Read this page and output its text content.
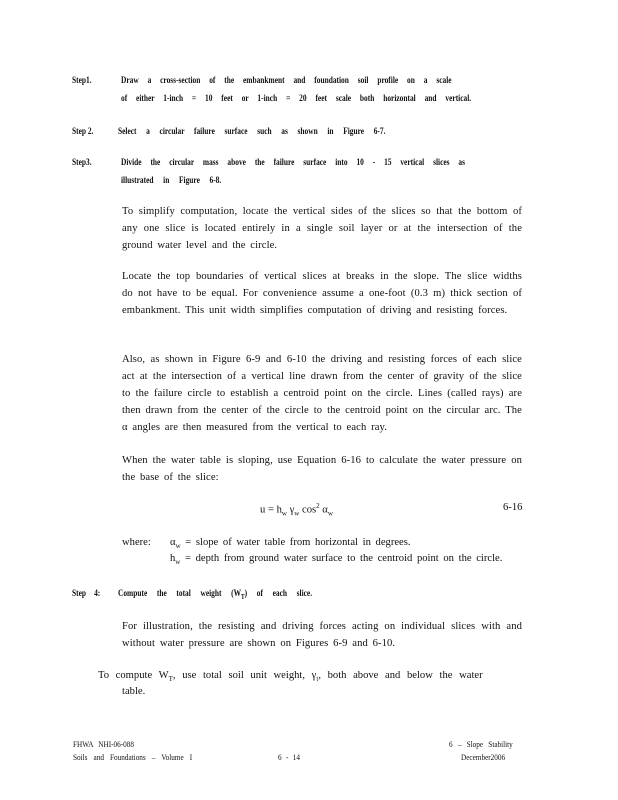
Step1.	Draw a cross-section of the embankment and foundation soil profile on a scale
of either 1-inch = 10 feet or 1-inch = 20 feet scale both horizontal and vertical.
Step 2.	Select a circular failure surface such as shown in Figure 6-7.
Step3.	Divide the circular mass above the failure surface into 10 - 15 vertical slices as
illustrated in Figure 6-8.
To simplify computation, locate the vertical sides of the slices so that the bottom of any one slice is located entirely in a single soil layer or at the intersection of the ground water level and the circle.
Locate the top boundaries of vertical slices at breaks in the slope. The slice widths do not have to be equal. For convenience assume a one-foot (0.3 m) thick section of embankment. This unit width simplifies computation of driving and resisting forces.
Also, as shown in Figure 6-9 and 6-10 the driving and resisting forces of each slice act at the intersection of a vertical line drawn from the center of gravity of the slice to the failure circle to establish a centroid point on the circle. Lines (called rays) are then drawn from the center of the circle to the centroid point on the circular arc. The α angles are then measured from the vertical to each ray.
When the water table is sloping, use Equation 6-16 to calculate the water pressure on the base of the slice:
$u = h_w$ $\gamma_w$ $\cos^2 \alpha_w$
6-16
where: $\alpha_w$ = slope of water table from horizontal in degrees.
$h_w$ = depth from ground water surface to the centroid point on the circle.
Step 4: Compute the total weight $(W_T)$ of each slice.
For illustration, the resisting and driving forces acting on individual slices with and without water pressure are shown on Figures 6-9 and 6-10.
To compute $W_T$, use total soil unit weight, $\gamma_t$, both above and below the water
table.
FHWA NHI-06-088
Soils and Foundations – Volume I	6 - 14
6 – Slope Stability
December2006
